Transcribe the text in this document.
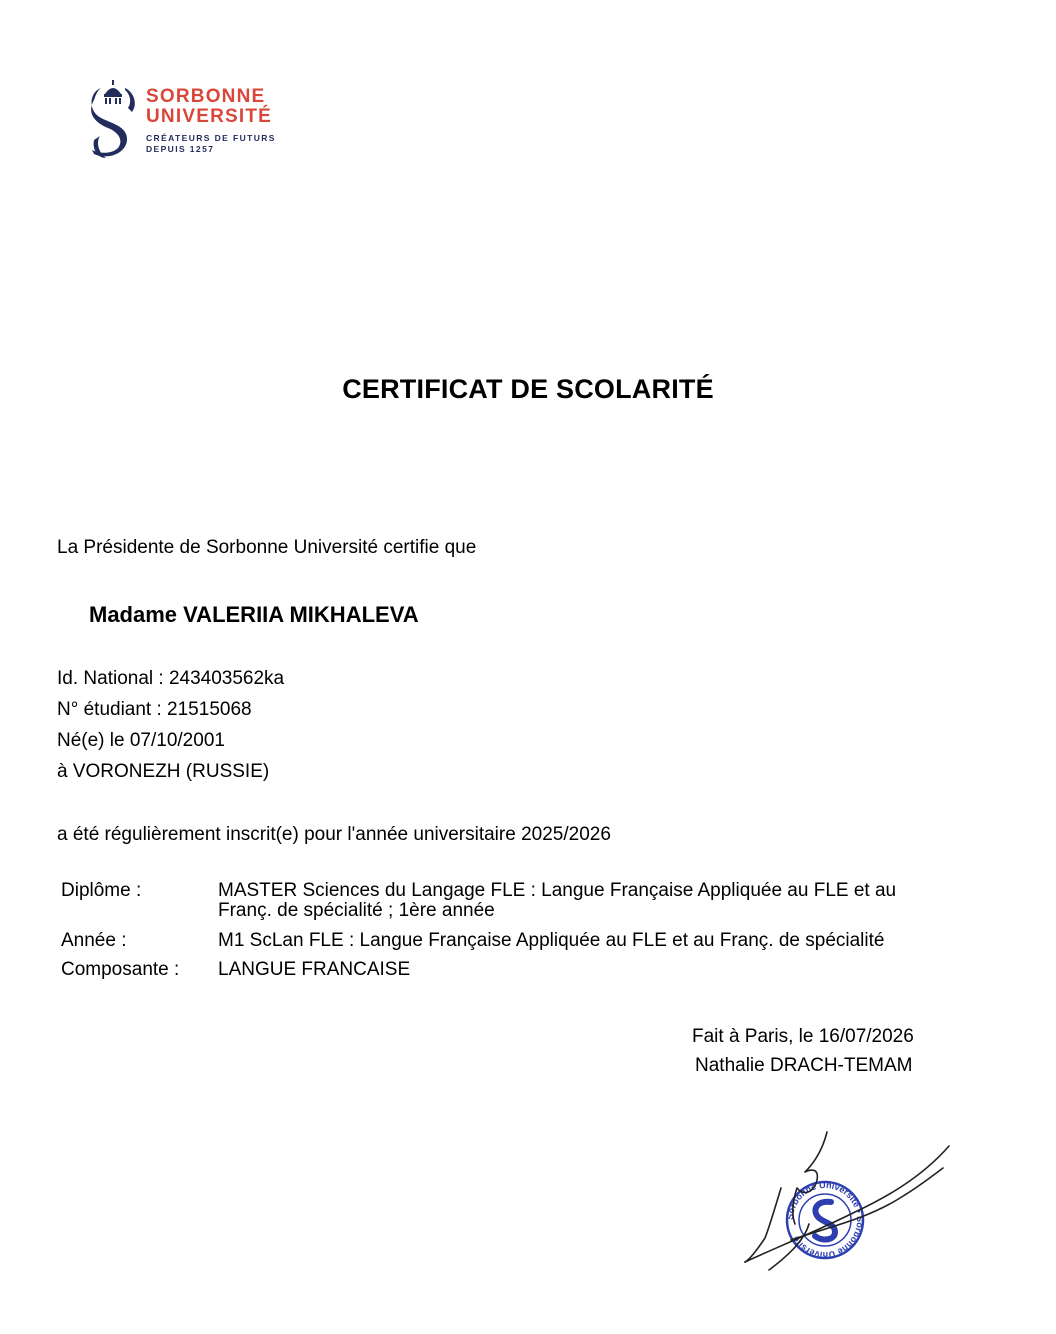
SORBONNE
UNIVERSITÉ
CRÉATEURS DE FUTURS
DEPUIS 1257
CERTIFICAT DE SCOLARITÉ
La Présidente de Sorbonne Université certifie que
Madame VALERIIA MIKHALEVA
Id. National : 243403562ka
N° étudiant : 21515068
Né(e) le 07/10/2001
à VORONEZH (RUSSIE)
a été régulièrement inscrit(e) pour l'année universitaire 2025/2026
Diplôme :	MASTER Sciences du Langage FLE : Langue Française Appliquée au FLE et au
Franç. de spécialité ; 1ère année
Année :	M1 ScLan FLE : Langue Française Appliquée au FLE et au Franç. de spécialité
Composante : LANGUE FRANCAISE
Fait à Paris, le 16/07/2026
Nathalie DRACH-TEMAM
Sorbonne Université • Sorbonne Université
